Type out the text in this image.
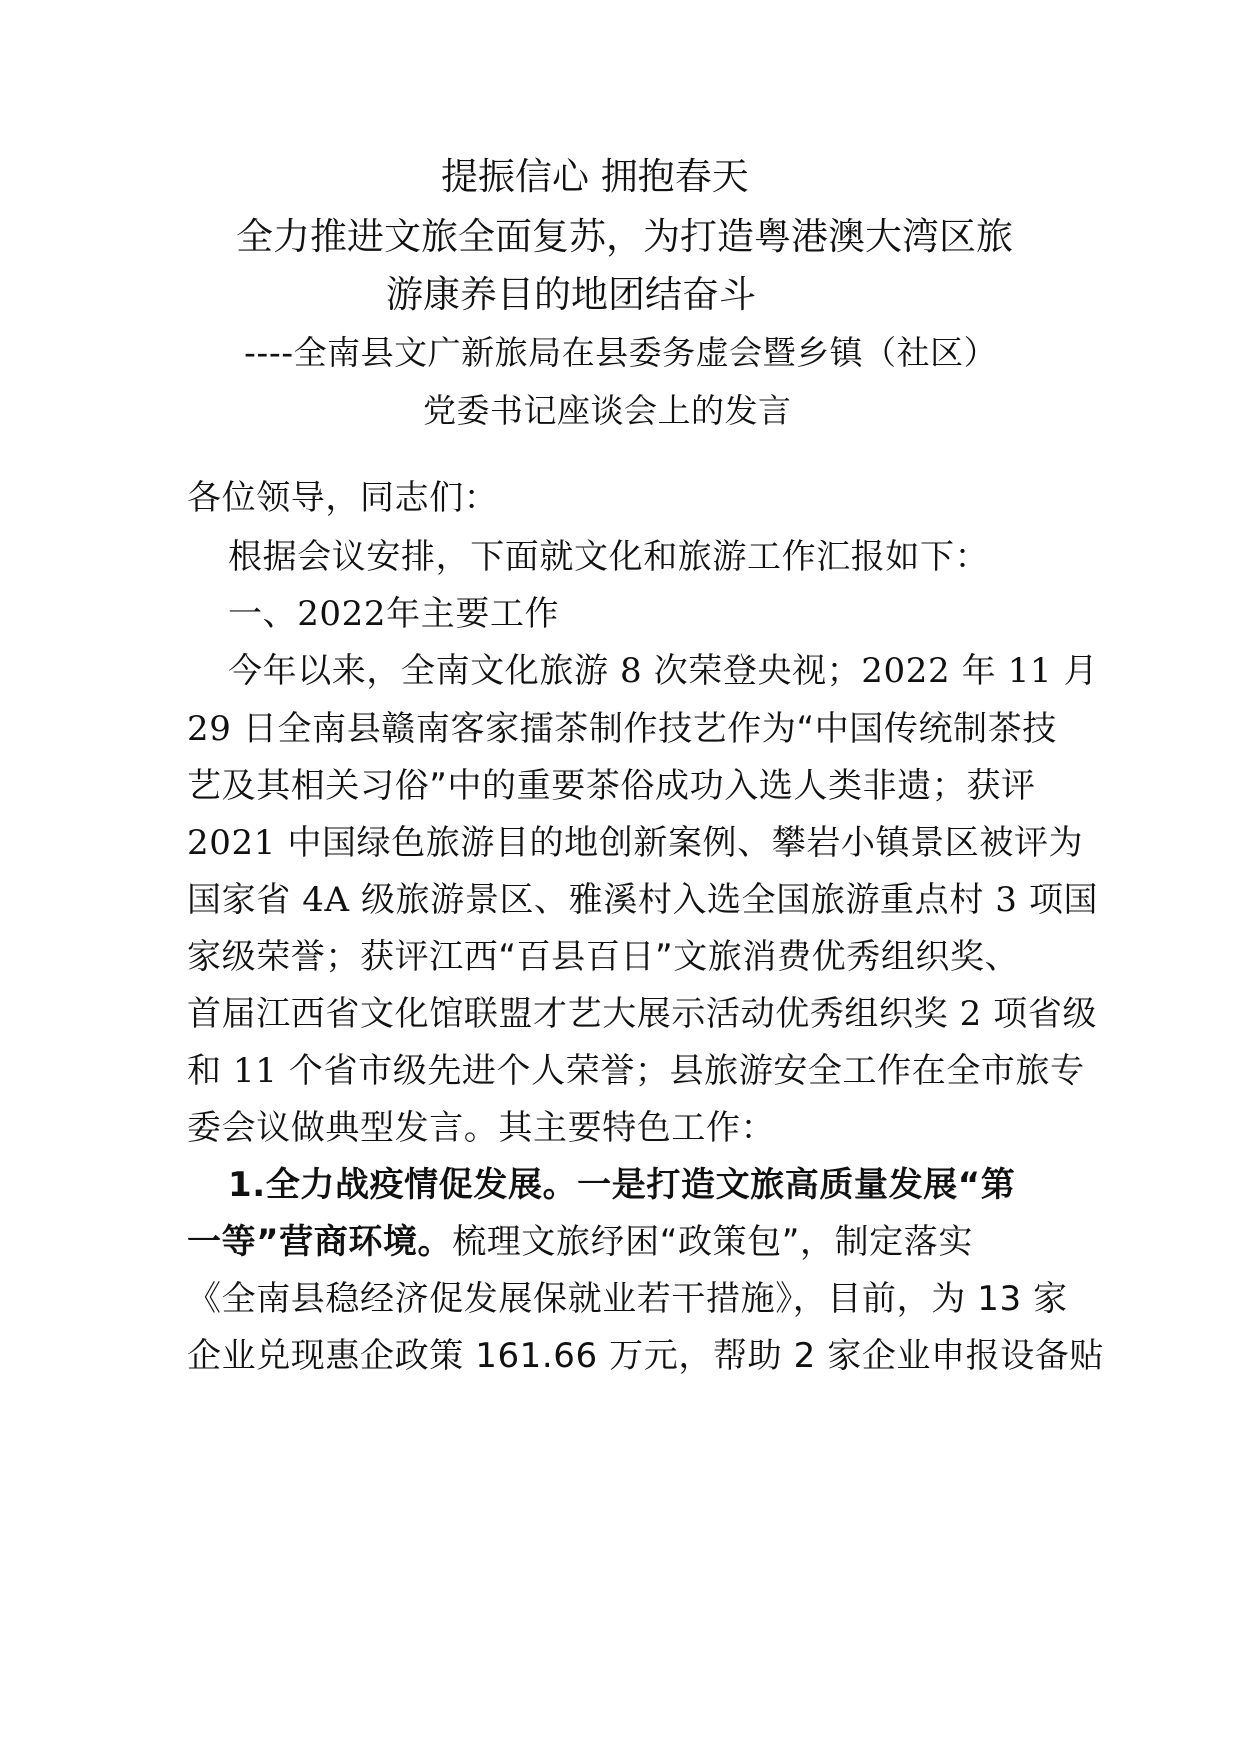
提振信心 拥抱春天
全力推进文旅全面复苏，为打造粤港澳大湾区旅
游康养目的地团结奋斗
----全南县文广新旅局在县委务虚会暨乡镇（社区）
党委书记座谈会上的发言
各位领导，同志们：
根据会议安排，下面就文化和旅游工作汇报如下：
一、2022年主要工作
今年以来，全南文化旅游 8 次荣登央视；2022 年 11 月
29 日全南县赣南客家擂茶制作技艺作为“中国传统制茶技
艺及其相关习俗”中的重要茶俗成功入选人类非遗；获评
2021 中国绿色旅游目的地创新案例、攀岩小镇景区被评为
国家省 4A 级旅游景区、雅溪村入选全国旅游重点村 3 项国
家级荣誉；获评江西“百县百日”文旅消费优秀组织奖、
首届江西省文化馆联盟才艺大展示活动优秀组织奖 2 项省级
和 11 个省市级先进个人荣誉；县旅游安全工作在全市旅专
委会议做典型发言。其主要特色工作：
1.全力战疫情促发展。一是打造文旅高质量发展“第
一等”营商环境。梳理文旅纾困“政策包”，制定落实
《全南县稳经济促发展保就业若干措施》，目前，为 13 家
企业兑现惠企政策 161.66 万元，帮助 2 家企业申报设备贴
